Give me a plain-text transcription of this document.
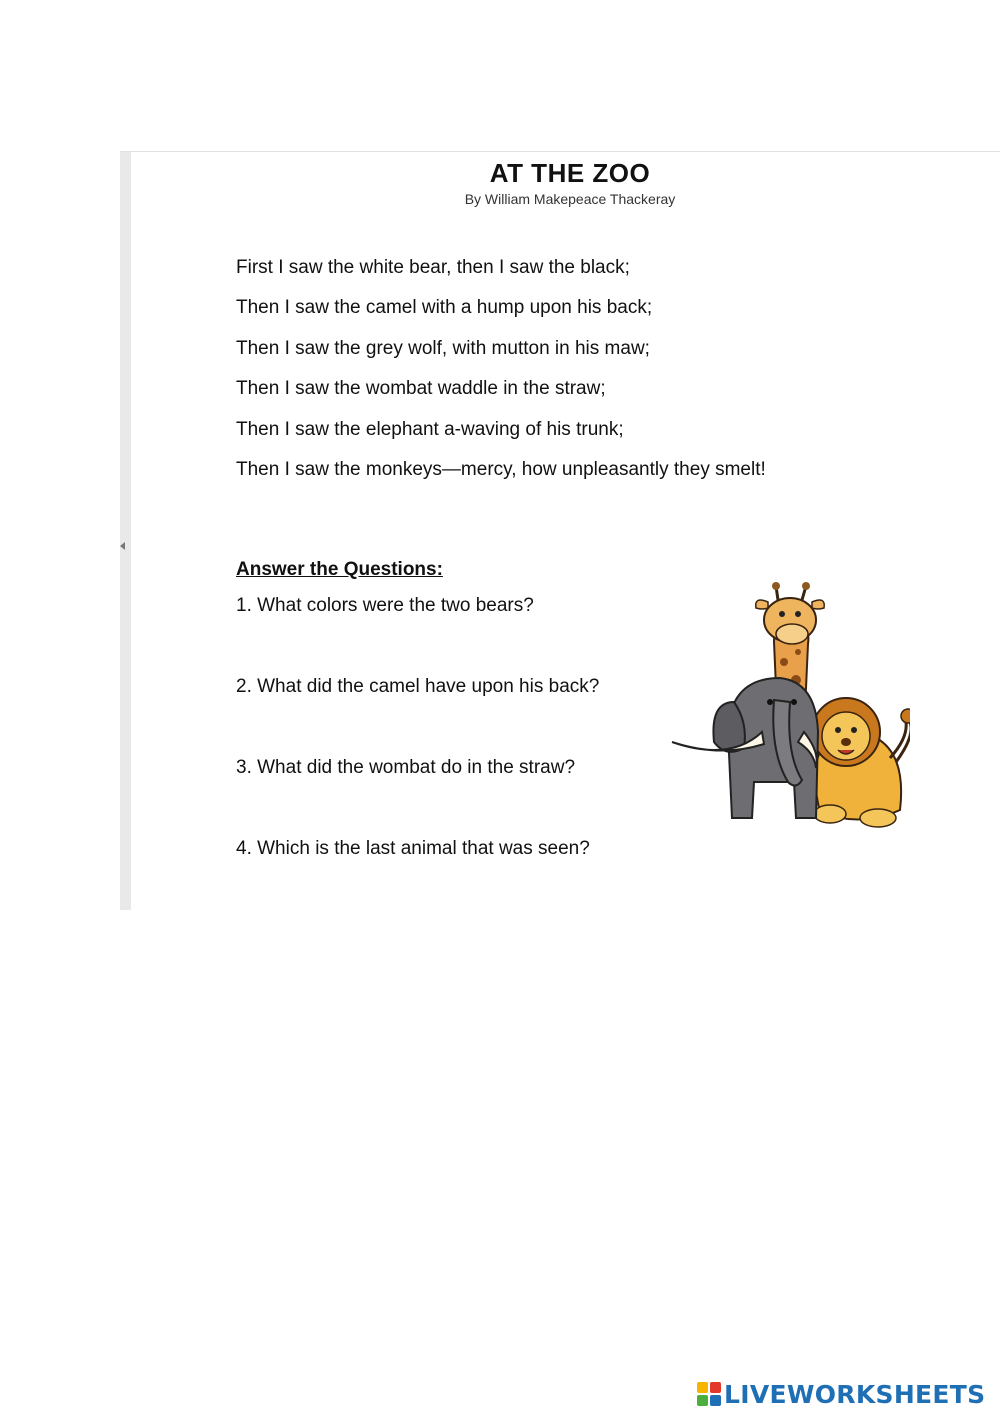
AT THE ZOO
By William Makepeace Thackeray
First I saw the white bear, then I saw the black;
Then I saw the camel with a hump upon his back;
Then I saw the grey wolf, with mutton in his maw;
Then I saw the wombat waddle in the straw;
Then I saw the elephant a-waving of his trunk;
Then I saw the monkeys—mercy, how unpleasantly they smelt!
Answer the Questions:
1. What colors were the two bears?
2. What did the camel have upon his back?
3. What did the wombat do in the straw?
4. Which is the last animal that was seen?
LIVEWORKSHEETS
